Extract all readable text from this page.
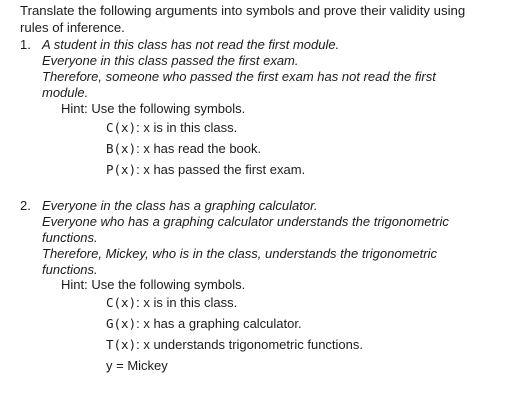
Translate the following arguments into symbols and prove their validity using rules of inference.
1. A student in this class has not read the first module.
Everyone in this class passed the first exam.
Therefore, someone who passed the first exam has not read the first
module.
Hint: Use the following symbols.
C(x): x is in this class.
B(x): x has read the book.
P(x): x has passed the first exam.
2. Everyone in the class has a graphing calculator.
Everyone who has a graphing calculator understands the trigonometric
functions.
Therefore, Mickey, who is in the class, understands the trigonometric
functions.
Hint: Use the following symbols.
C(x): x is in this class.
G(x): x has a graphing calculator.
T(x): x understands trigonometric functions.
y = Mickey
